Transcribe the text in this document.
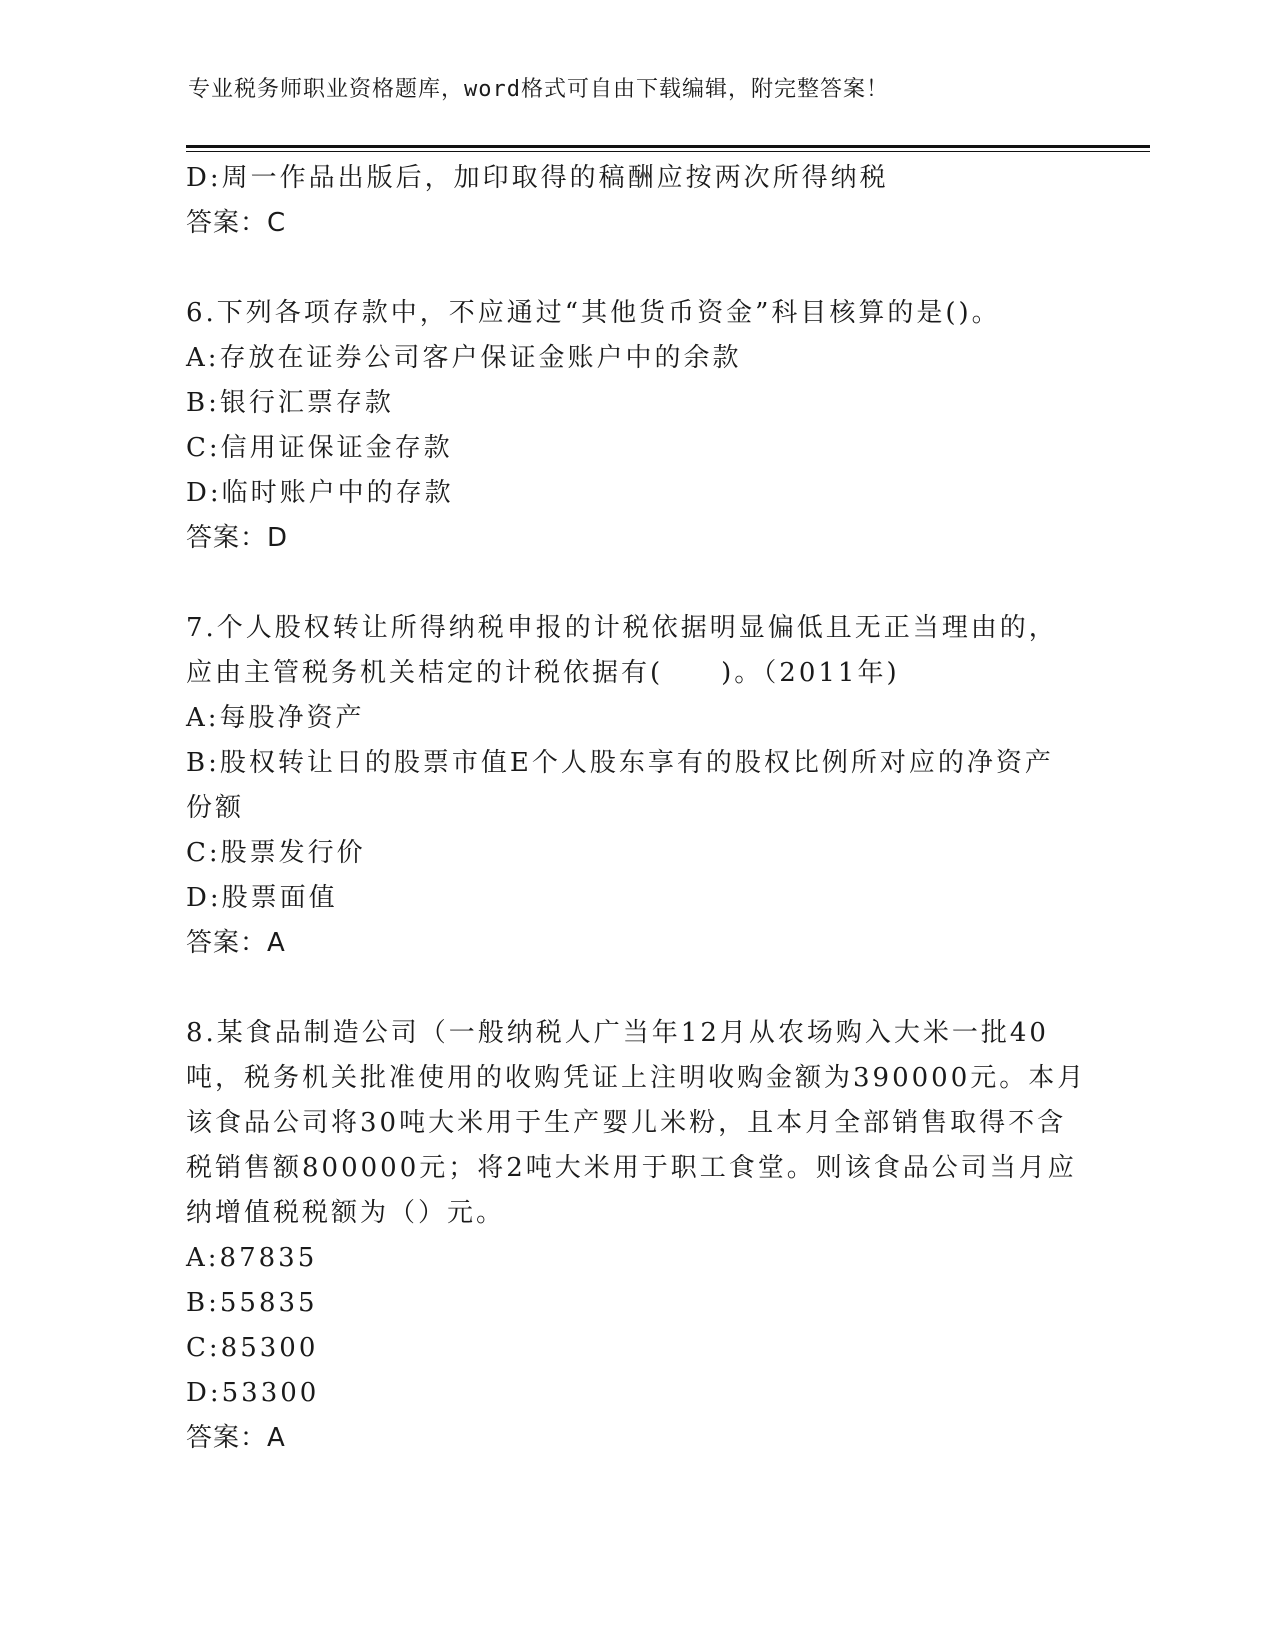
专业税务师职业资格题库，word格式可自由下载编辑，附完整答案！
D:周一作品出版后，加印取得的稿酬应按两次所得纳税
答案：C
6.下列各项存款中，不应通过“其他货币资金”科目核算的是()。
A:存放在证券公司客户保证金账户中的余款
B:银行汇票存款
C:信用证保证金存款
D:临时账户中的存款
答案：D
7.个人股权转让所得纳税申报的计税依据明显偏低且无正当理由的，
应由主管税务机关桔定的计税依据有(　　)。（2011年)
A:每股净资产
B:股权转让日的股票市值E个人股东享有的股权比例所对应的净资产
份额
C:股票发行价
D:股票面值
答案：A
8.某食品制造公司（一般纳税人广当年12月从农场购入大米一批40
吨，税务机关批准使用的收购凭证上注明收购金额为390000元。本月
该食品公司将30吨大米用于生产婴儿米粉，且本月全部销售取得不含
税销售额800000元；将2吨大米用于职工食堂。则该食品公司当月应
纳增值税税额为（）元。
A:87835
B:55835
C:85300
D:53300
答案：A
